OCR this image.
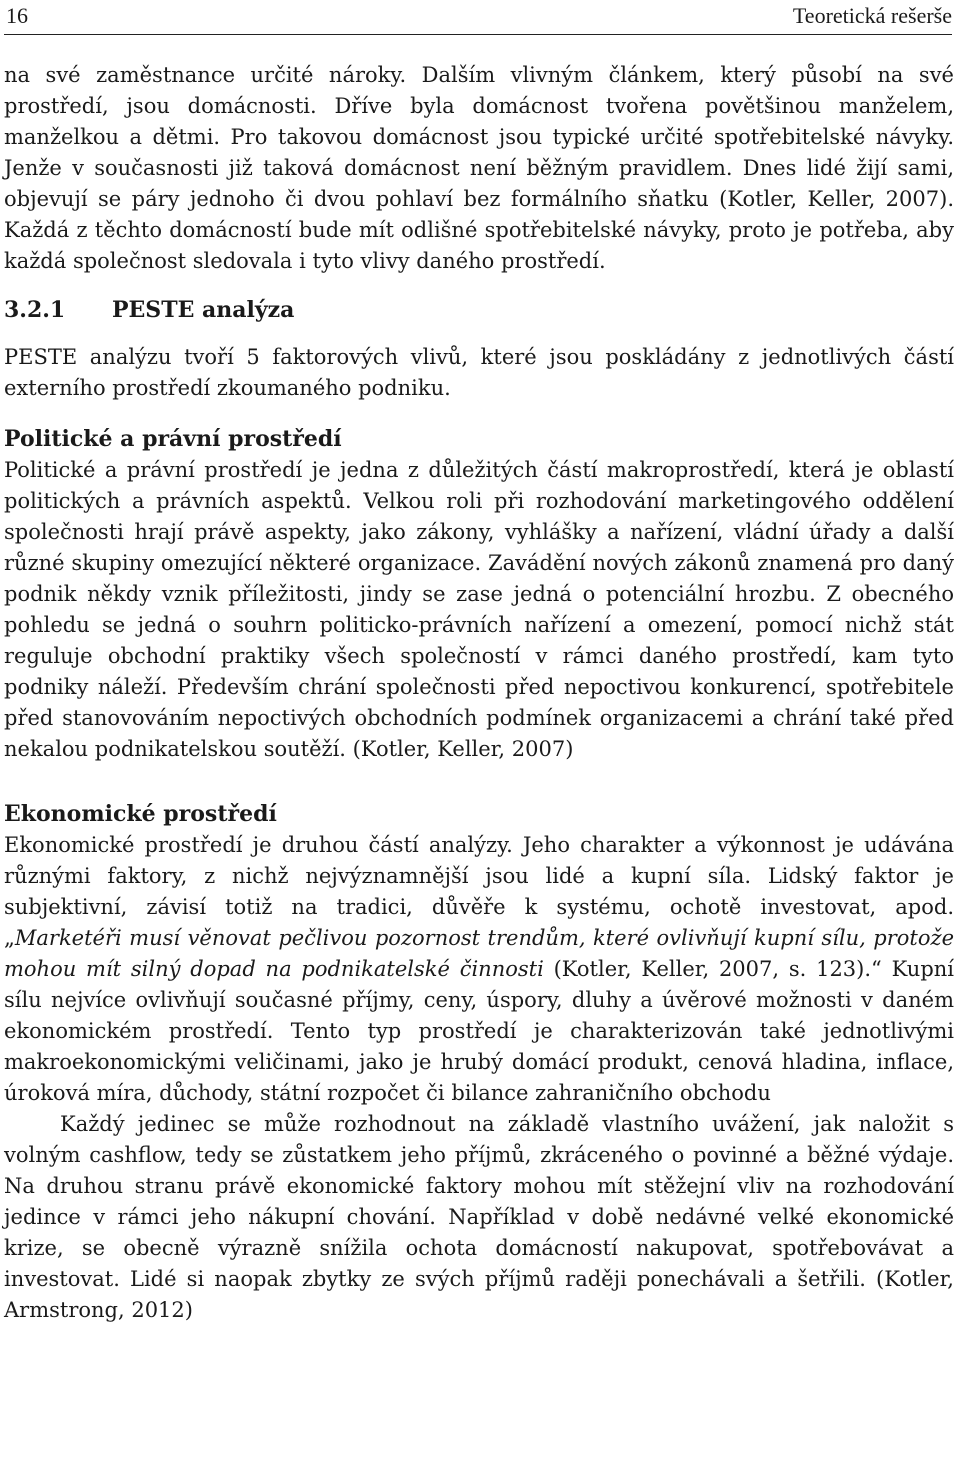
16	Teoretická rešerše

na své zaměstnance určité nároky. Dalším vlivným článkem, který působí na své prostředí, jsou domácnosti. Dříve byla domácnost tvořena povětšinou manželem, manželkou a dětmi. Pro takovou domácnost jsou typické určité spotřebitelské návyky. Jenže v současnosti již taková domácnost není běžným pravidlem. Dnes lidé žijí sami, objevují se páry jednoho či dvou pohlaví bez formálního sňatku (Kotler, Keller, 2007). Každá z těchto domácností bude mít odlišné spotřebitelské návyky, proto je potřeba, aby každá společnost sledovala i tyto vlivy daného prostředí.

3.2.1 PESTE analýza

PESTE analýzu tvoří 5 faktorových vlivů, které jsou poskládány z jednotlivých částí externího prostředí zkoumaného podniku.

Politické a právní prostředí

Politické a právní prostředí je jedna z důležitých částí makroprostředí, která je oblastí politických a právních aspektů. Velkou roli při rozhodování marketingového oddělení společnosti hrají právě aspekty, jako zákony, vyhlášky a nařízení, vládní úřady a další různé skupiny omezující některé organizace. Zavádění nových zákonů znamená pro daný podnik někdy vznik příležitosti, jindy se zase jedná o potenciální hrozbu. Z obecného pohledu se jedná o souhrn politicko-právních nařízení a omezení, pomocí nichž stát reguluje obchodní praktiky všech společností v rámci daného prostředí, kam tyto podniky náleží. Především chrání společnosti před nepoctivou konkurencí, spotřebitele před stanovováním nepoctivých obchodních podmínek organizacemi a chrání také před nekalou podnikatelskou soutěží. (Kotler, Keller, 2007)

Ekonomické prostředí

Ekonomické prostředí je druhou částí analýzy. Jeho charakter a výkonnost je udávána různými faktory, z nichž nejvýznamnější jsou lidé a kupní síla. Lidský faktor je subjektivní, závisí totiž na tradici, důvěře k systému, ochotě investovat, apod. „Marketéři musí věnovat pečlivou pozornost trendům, které ovlivňují kupní sílu, protože mohou mít silný dopad na podnikatelské činnosti (Kotler, Keller, 2007, s. 123).“ Kupní sílu nejvíce ovlivňují současné příjmy, ceny, úspory, dluhy a úvěrové možnosti v daném ekonomickém prostředí. Tento typ prostředí je charakterizován také jednotlivými makroekonomickými veličinami, jako je hrubý domácí produkt, cenová hladina, inflace, úroková míra, důchody, státní rozpočet či bilance zahraničního obchodu

Každý jedinec se může rozhodnout na základě vlastního uvážení, jak naložit s volným cashflow, tedy se zůstatkem jeho příjmů, zkráceného o povinné a běžné výdaje. Na druhou stranu právě ekonomické faktory mohou mít stěžejní vliv na rozhodování jedince v rámci jeho nákupní chování. Například v době nedávné velké ekonomické krize, se obecně výrazně snížila ochota domácností nakupovat, spotřebovávat a investovat. Lidé si naopak zbytky ze svých příjmů raději ponechávali a šetřili. (Kotler, Armstrong, 2012)
